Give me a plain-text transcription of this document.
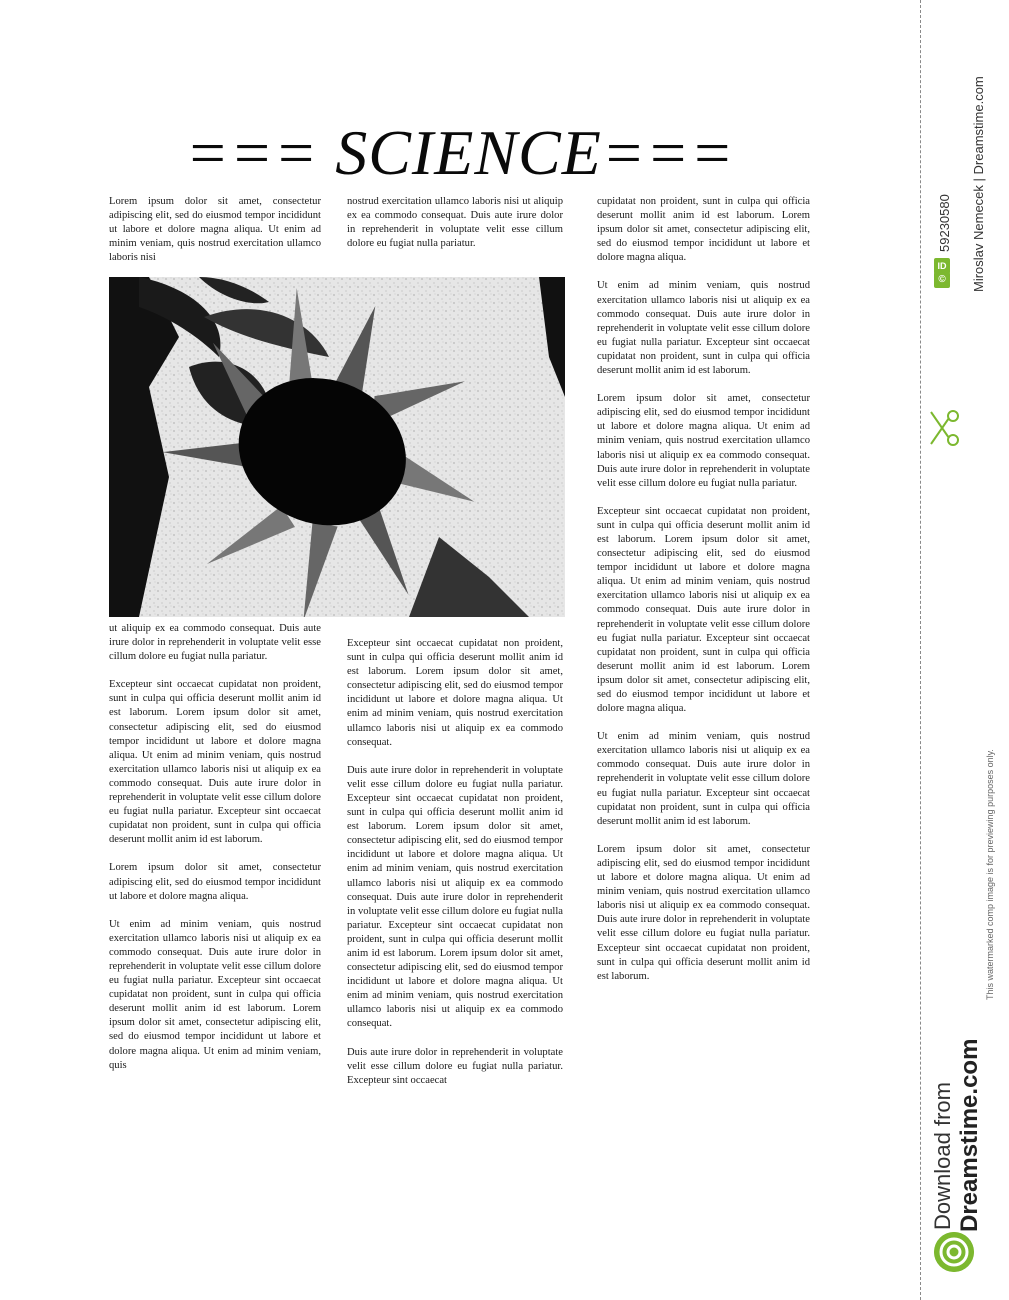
=== SCIENCE===

Lorem ipsum dolor sit amet, consectetur adipiscing elit, sed do eiusmod tempor incididunt ut labore et dolore magna aliqua. Ut enim ad minim veniam, quis nostrud exercitation ullamco laboris nisi

nostrud exercitation ullamco laboris nisi ut aliquip ex ea commodo consequat. Duis aute irure dolor in reprehenderit in voluptate velit esse cillum dolore eu fugiat nulla pariatur.

cupidatat non proident, sunt in culpa qui officia deserunt mollit anim id est laborum. Lorem ipsum dolor sit amet, consectetur adipiscing elit, sed do eiusmod tempor incididunt ut labore et dolore magna aliqua.

Ut enim ad minim veniam, quis nostrud exercitation ullamco laboris nisi ut aliquip ex ea commodo consequat. Duis aute irure dolor in reprehenderit in voluptate velit esse cillum dolore eu fugiat nulla pariatur. Excepteur sint occaecat cupidatat non proident, sunt in culpa qui officia deserunt mollit anim id est laborum.

Lorem ipsum dolor sit amet, consectetur adipiscing elit, sed do eiusmod tempor incididunt ut labore et dolore magna aliqua. Ut enim ad minim veniam, quis nostrud exercitation ullamco laboris nisi ut aliquip ex ea commodo consequat. Duis aute irure dolor in reprehenderit in voluptate velit esse cillum dolore eu fugiat nulla pariatur.

Excepteur sint occaecat cupidatat non proident, sunt in culpa qui officia deserunt mollit anim id est laborum. Lorem ipsum dolor sit amet, consectetur adipiscing elit, sed do eiusmod tempor incididunt ut labore et dolore magna aliqua. Ut enim ad minim veniam, quis nostrud exercitation ullamco laboris nisi ut aliquip ex ea commodo consequat. Duis aute irure dolor in reprehenderit in voluptate velit esse cillum dolore eu fugiat nulla pariatur. Excepteur sint occaecat cupidatat non proident, sunt in culpa qui officia deserunt mollit anim id est laborum. Lorem ipsum dolor sit amet, consectetur adipiscing elit, sed do eiusmod tempor incididunt ut labore et dolore magna aliqua.

Ut enim ad minim veniam, quis nostrud exercitation ullamco laboris nisi ut aliquip ex ea commodo consequat. Duis aute irure dolor in reprehenderit in voluptate velit esse cillum dolore eu fugiat nulla pariatur. Excepteur sint occaecat cupidatat non proident, sunt in culpa qui officia deserunt mollit anim id est laborum.

Lorem ipsum dolor sit amet, consectetur adipiscing elit, sed do eiusmod tempor incididunt ut labore et dolore magna aliqua. Ut enim ad minim veniam, quis nostrud exercitation ullamco laboris nisi ut aliquip ex ea commodo consequat. Duis aute irure dolor in reprehenderit in voluptate velit esse cillum dolore eu fugiat nulla pariatur. Excepteur sint occaecat cupidatat non proident, sunt in culpa qui officia deserunt mollit anim id est laborum.

ut aliquip ex ea commodo consequat. Duis aute irure dolor in reprehenderit in voluptate velit esse cillum dolore eu fugiat nulla pariatur.

Excepteur sint occaecat cupidatat non proident, sunt in culpa qui officia deserunt mollit anim id est laborum. Lorem ipsum dolor sit amet, consectetur adipiscing elit, sed do eiusmod tempor incididunt ut labore et dolore magna aliqua. Ut enim ad minim veniam, quis nostrud exercitation ullamco laboris nisi ut aliquip ex ea commodo consequat. Duis aute irure dolor in reprehenderit in voluptate velit esse cillum dolore eu fugiat nulla pariatur. Excepteur sint occaecat cupidatat non proident, sunt in culpa qui officia deserunt mollit anim id est laborum.

Lorem ipsum dolor sit amet, consectetur adipiscing elit, sed do eiusmod tempor incididunt ut labore et dolore magna aliqua.

Ut enim ad minim veniam, quis nostrud exercitation ullamco laboris nisi ut aliquip ex ea commodo consequat. Duis aute irure dolor in reprehenderit in voluptate velit esse cillum dolore eu fugiat nulla pariatur. Excepteur sint occaecat cupidatat non proident, sunt in culpa qui officia deserunt mollit anim id est laborum. Lorem ipsum dolor sit amet, consectetur adipiscing elit, sed do eiusmod tempor incididunt ut labore et dolore magna aliqua. Ut enim ad minim veniam, quis

Excepteur sint occaecat cupidatat non proident, sunt in culpa qui officia deserunt mollit anim id est laborum. Lorem ipsum dolor sit amet, consectetur adipiscing elit, sed do eiusmod tempor incididunt ut labore et dolore magna aliqua. Ut enim ad minim veniam, quis nostrud exercitation ullamco laboris nisi ut aliquip ex ea commodo consequat.

Duis aute irure dolor in reprehenderit in voluptate velit esse cillum dolore eu fugiat nulla pariatur. Excepteur sint occaecat cupidatat non proident, sunt in culpa qui officia deserunt mollit anim id est laborum. Lorem ipsum dolor sit amet, consectetur adipiscing elit, sed do eiusmod tempor incididunt ut labore et dolore magna aliqua. Ut enim ad minim veniam, quis nostrud exercitation ullamco laboris nisi ut aliquip ex ea commodo consequat. Duis aute irure dolor in reprehenderit in voluptate velit esse cillum dolore eu fugiat nulla pariatur. Excepteur sint occaecat cupidatat non proident, sunt in culpa qui officia deserunt mollit anim id est laborum. Lorem ipsum dolor sit amet, consectetur adipiscing elit, sed do eiusmod tempor incididunt ut labore et dolore magna aliqua. Ut enim ad minim veniam, quis nostrud exercitation ullamco laboris nisi ut aliquip ex ea commodo consequat.

Duis aute irure dolor in reprehenderit in voluptate velit esse cillum dolore eu fugiat nulla pariatur. Excepteur sint occaecat

ID
59230580
©	Miroslav Nemecek | Dreamstime.com
This watermarked comp image is for previewing purposes only.
Download from Dreamstime.com
